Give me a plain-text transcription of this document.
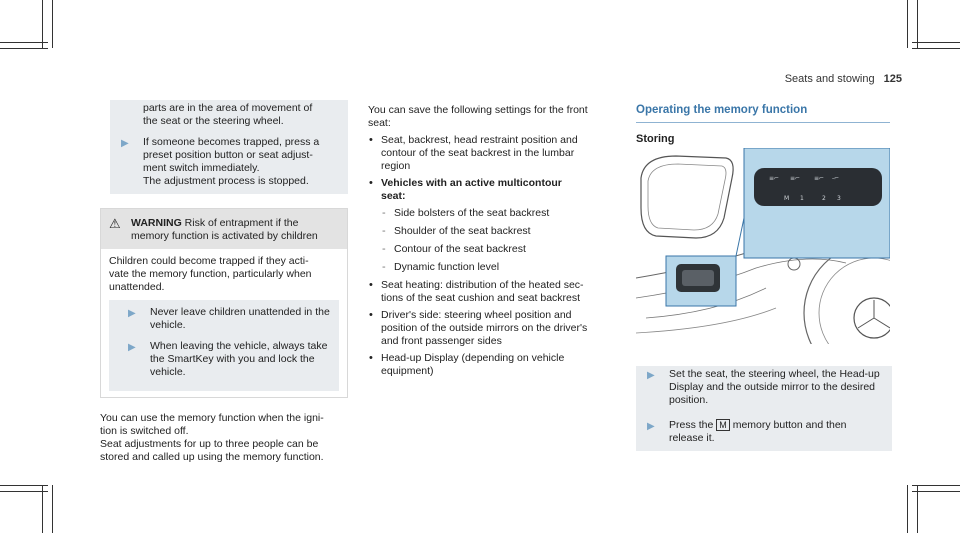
Seats and stowing 125

parts are in the area of movement of

the seat or the steering wheel.

▶	If someone becomes trapped, press a

preset position button or seat adjust-

ment switch immediately.

The adjustment process is stopped.

⚠ WARNING Risk of entrapment if the

memory function is activated by children

Children could become trapped if they acti-

vate the memory function, particularly when

unattended.

▶	Never leave children unattended in the

vehicle.

▶	When leaving the vehicle, always take

the SmartKey with you and lock the

vehicle.

You can use the memory function when the igni-

tion is switched off.

Seat adjustments for up to three people can be

stored and called up using the memory function.

You can save the following settings for the front

seat:

• Seat, backrest, head restraint position and

contour of the seat backrest in the lumbar

region

• Vehicles with an active multicontour

seat:

- Side bolsters of the seat backrest
- Shoulder of the seat backrest
- Contour of the seat backrest
- Dynamic function level

• Seat heating: distribution of the heated sec-

tions of the seat cushion and seat backrest

• Driver's side: steering wheel position and

position of the outside mirrors on the driver's

and front passenger sides

• Head-up Display (depending on vehicle

equipment)

Operating the memory function
Storing
≡⌐ ≡⌐ ≡⌐ -⌐
M 1	2 3
▶	Set the seat, the steering wheel, the Head-up

Display and the outside mirror to the desired

position.

▶	Press the M memory button and then

release it.
